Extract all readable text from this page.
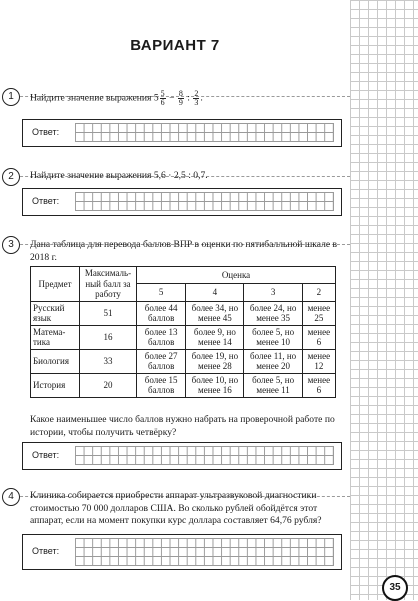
ВАРИАНТ 7
1	Найдите значение выражения $5 \frac{5}{6} - \frac{8}{9}$ : $\frac{2}{3}$ .
Ответ:
2	Найдите значение выражения 5,6 · 2,5 : 0,7.
Ответ:
3	Дана таблица для перевода баллов ВПР в оценки по пятибалльной шкале в 2018 г.
Предмет	Максималь-ный балл за работу	Оценка			
		5	4	3	2
Русский язык	51	более 44 баллов	более 34, но менее 45	более 24, но менее 35	менее 25
Матема-тика	16	более 13 баллов	более 9, но менее 14	более 5, но менее 10	менее 6
Биология	33	более 27 баллов	более 19, но менее 28	более 11, но менее 20	менее 12
История	20	более 15 баллов	более 10, но менее 16	более 5, но менее 11	менее 6
Какое наименьшее число баллов нужно набрать на проверочной работе по истории, чтобы получить четвёрку?
Ответ:
4	Клиника собирается приобрести аппарат ультразвуковой диагностики стоимостью 70 000 долларов США. Во сколько рублей обойдётся этот аппарат, если на момент покупки курс доллара составляет 64,76 рубля?
Ответ:
35
